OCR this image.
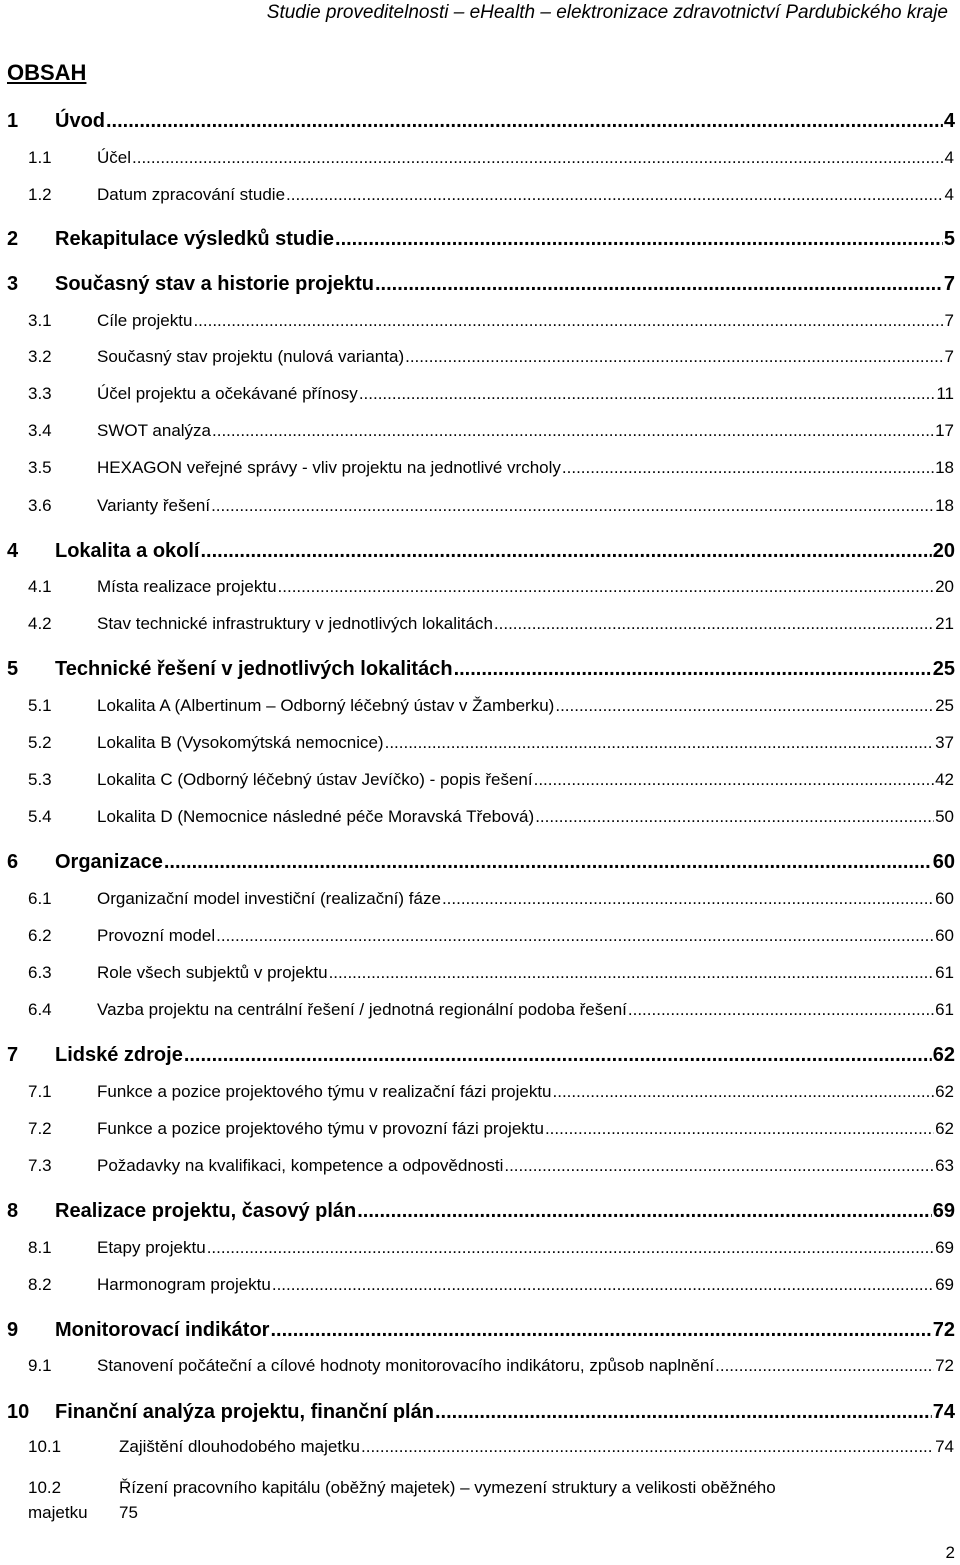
Studie proveditelnosti – eHealth – elektronizace zdravotnictví Pardubického kraje
OBSAH
1 Úvod .....	4
1.1	Účel .....	4
1.2	Datum zpracování studie .....	4
2 Rekapitulace výsledků studie .....	5
3 Současný stav a historie projektu .....	7
3.1	Cíle projektu .....	7
3.2	Současný stav projektu (nulová varianta) .....	7
3.3	Účel projektu a očekávané přínosy .....	11
3.4	SWOT analýza .....	17
3.5	HEXAGON veřejné správy - vliv projektu na jednotlivé vrcholy .....	18
3.6	Varianty řešení .....	18
4 Lokalita a okolí .....	20
4.1	Místa realizace projektu .....	20
4.2	Stav technické infrastruktury v jednotlivých lokalitách .....	21
5 Technické řešení v jednotlivých lokalitách .....	25
5.1	Lokalita A (Albertinum – Odborný léčebný ústav v Žamberku) .....	25
5.2	Lokalita B (Vysokomýtská nemocnice) .....	37
5.3	Lokalita C (Odborný léčebný ústav Jevíčko) - popis řešení .....	42
5.4	Lokalita D (Nemocnice následné péče Moravská Třebová) .....	50
6 Organizace .....	60
6.1	Organizační model investiční (realizační) fáze .....	60
6.2	Provozní model .....	60
6.3	Role všech subjektů v projektu .....	61
6.4	Vazba projektu na centrální řešení / jednotná regionální podoba řešení .....	61
7 Lidské zdroje .....	62
7.1	Funkce a pozice projektového týmu v realizační fázi projektu .....	62
7.2	Funkce a pozice projektového týmu v provozní fázi projektu .....	62
7.3	Požadavky na kvalifikaci, kompetence a odpovědnosti .....	63
8 Realizace projektu, časový plán .....	69
8.1	Etapy projektu .....	69
8.2	Harmonogram projektu .....	69
9 Monitorovací indikátor .....	72
9.1	Stanovení počáteční a cílové hodnoty monitorovacího indikátoru, způsob naplnění .....	72
10 Finanční analýza projektu, finanční plán .....	74
10.1	Zajištění dlouhodobého majetku .....	74
10.2	Řízení pracovního kapitálu (oběžný majetek) – vymezení struktury a velikosti oběžného
majetku	75
2
